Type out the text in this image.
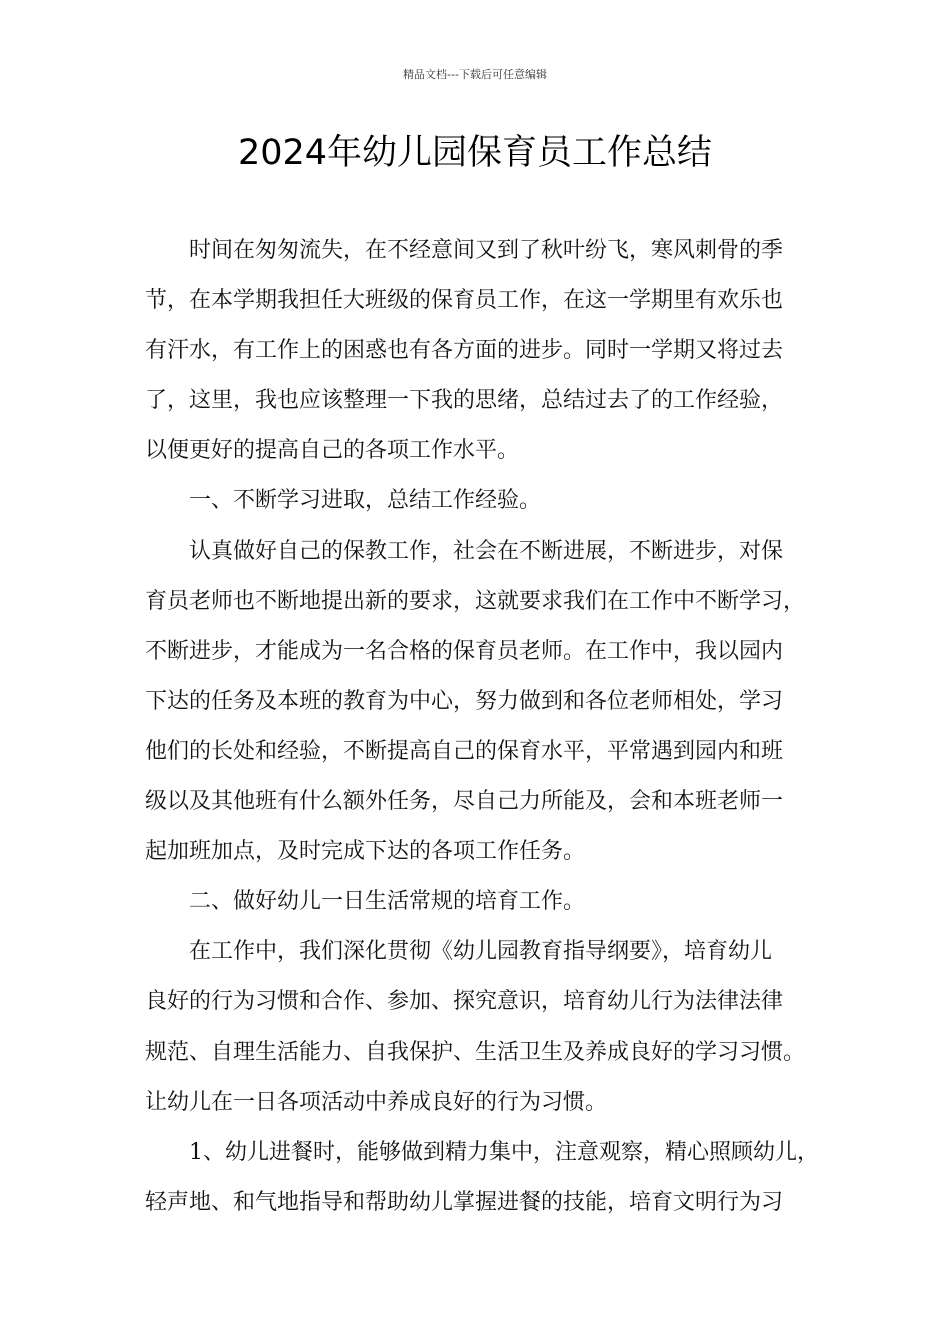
精品文档---下载后可任意编辑
2024年幼儿园保育员工作总结
时间在匆匆流失，在不经意间又到了秋叶纷飞，寒风刺骨的季
节，在本学期我担任大班级的保育员工作，在这一学期里有欢乐也
有汗水，有工作上的困惑也有各方面的进步。同时一学期又将过去
了，这里，我也应该整理一下我的思绪，总结过去了的工作经验，
以便更好的提高自己的各项工作水平。
一、不断学习进取，总结工作经验。
认真做好自己的保教工作，社会在不断进展，不断进步，对保
育员老师也不断地提出新的要求，这就要求我们在工作中不断学习，
不断进步，才能成为一名合格的保育员老师。在工作中，我以园内
下达的任务及本班的教育为中心，努力做到和各位老师相处，学习
他们的长处和经验，不断提高自己的保育水平，平常遇到园内和班
级以及其他班有什么额外任务，尽自己力所能及，会和本班老师一
起加班加点，及时完成下达的各项工作任务。
二、做好幼儿一日生活常规的培育工作。
在工作中，我们深化贯彻《幼儿园教育指导纲要》，培育幼儿
良好的行为习惯和合作、参加、探究意识，培育幼儿行为法律法律
规范、自理生活能力、自我保护、生活卫生及养成良好的学习习惯。
让幼儿在一日各项活动中养成良好的行为习惯。
1、幼儿进餐时，能够做到精力集中，注意观察，精心照顾幼儿，
轻声地、和气地指导和帮助幼儿掌握进餐的技能，培育文明行为习
